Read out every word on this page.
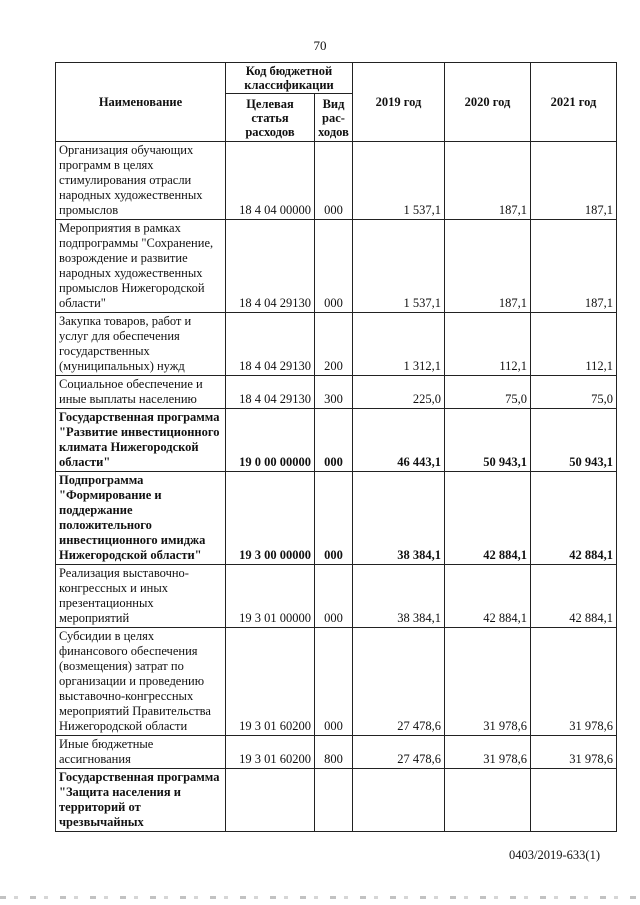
70
Наименование	Код бюджетной классификации		2019 год	2020 год	2021 год
	Целевая статья расходов	Вид рас-ходов			
Организация обучающих программ в целях стимулирования отрасли народных художественных промыслов	18 4 04 00000	000	1 537,1	187,1	187,1
Мероприятия в рамках подпрограммы "Сохранение, возрождение и развитие народных художественных промыслов Нижегородской области"	18 4 04 29130	000	1 537,1	187,1	187,1
Закупка товаров, работ и услуг для обеспечения государственных (муниципальных) нужд	18 4 04 29130	200	1 312,1	112,1	112,1
Социальное обеспечение и иные выплаты населению	18 4 04 29130	300	225,0	75,0	75,0
Государственная программа "Развитие инвестиционного климата Нижегородской области"	19 0 00 00000	000	46 443,1	50 943,1	50 943,1
Подпрограмма "Формирование и поддержание положительного инвестиционного имиджа Нижегородской области"	19 3 00 00000	000	38 384,1	42 884,1	42 884,1
Реализация выставочно-конгрессных и иных презентационных мероприятий	19 3 01 00000	000	38 384,1	42 884,1	42 884,1
Субсидии в целях финансового обеспечения (возмещения) затрат по организации и проведению выставочно-конгрессных мероприятий Правительства Нижегородской области	19 3 01 60200	000	27 478,6	31 978,6	31 978,6
Иные бюджетные ассигнования	19 3 01 60200	800	27 478,6	31 978,6	31 978,6
Государственная программа "Защита населения и территорий от чрезвычайных					
0403/2019-633(1)
